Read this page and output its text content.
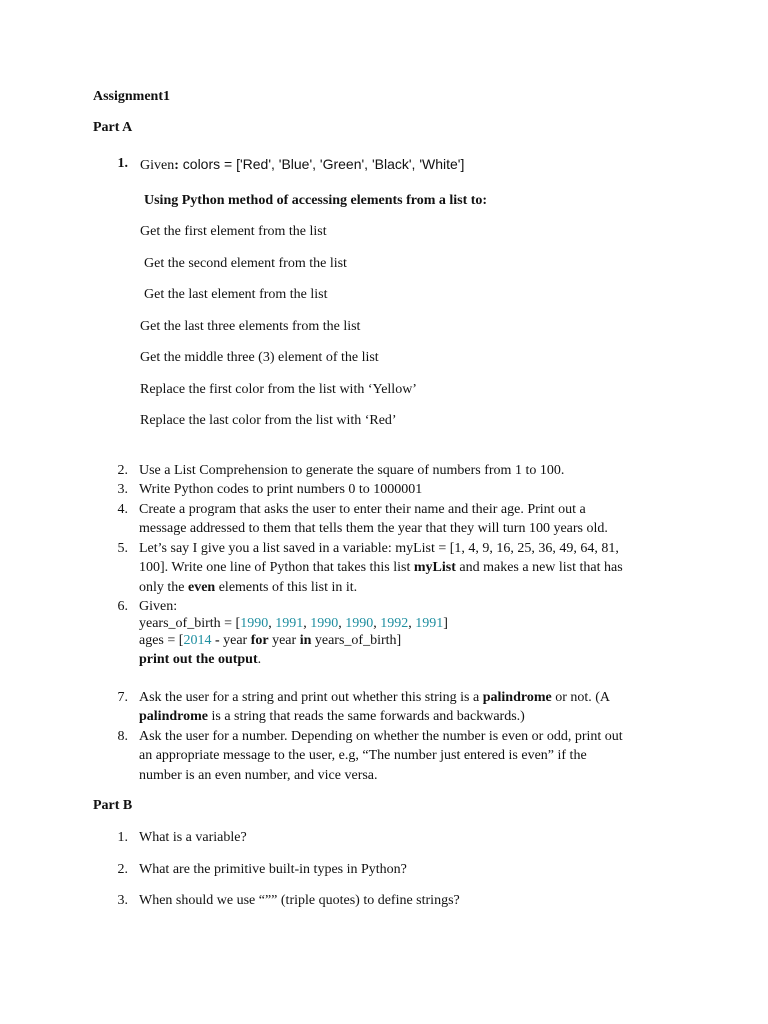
Assignment1
Part A
1. Given: colors = ['Red', 'Blue', 'Green', 'Black', 'White']
Using Python method of accessing elements from a list to:
Get the first element from the list
Get the second element from the list
Get the last element from the list
Get the last three elements from the list
Get the middle three (3) element of the list
Replace the first color from the list with ‘Yellow’
Replace the last color from the list with ‘Red’
2. Use a List Comprehension to generate the square of numbers from 1 to 100.
3. Write Python codes to print numbers 0 to 1000001
4. Create a program that asks the user to enter their name and their age. Print out a
message addressed to them that tells them the year that they will turn 100 years old.
5. Let’s say I give you a list saved in a variable: myList = [1, 4, 9, 16, 25, 36, 49, 64, 81,
100]. Write one line of Python that takes this list myList and makes a new list that has
only the even elements of this list in it.
6. Given:
years_of_birth = [1990, 1991, 1990, 1990, 1992, 1991]
ages = [2014 - year for year in years_of_birth]
print out the output.
7. Ask the user for a string and print out whether this string is a palindrome or not. (A
palindrome is a string that reads the same forwards and backwards.)
8. Ask the user for a number. Depending on whether the number is even or odd, print out
an appropriate message to the user, e.g, “The number just entered is even” if the
number is an even number, and vice versa.
Part B
1. What is a variable?
2. What are the primitive built-in types in Python?
3. When should we use “”” (triple quotes) to define strings?
